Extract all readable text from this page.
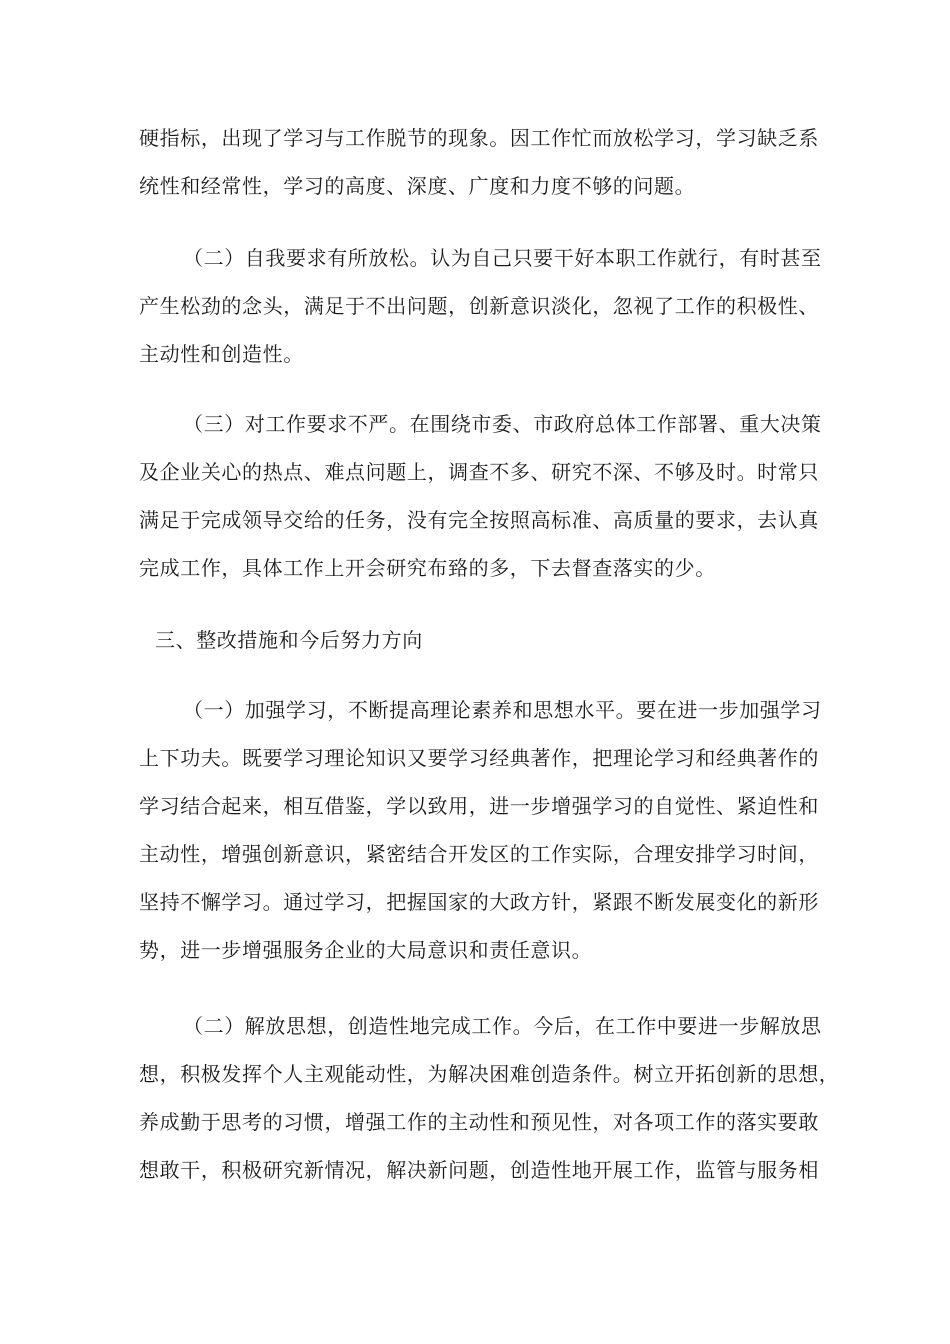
硬指标，出现了学习与工作脱节的现象。因工作忙而放松学习，学习缺乏系
统性和经常性，学习的高度、深度、广度和力度不够的问题。
（二）自我要求有所放松。认为自己只要干好本职工作就行，有时甚至
产生松劲的念头，满足于不出问题，创新意识淡化，忽视了工作的积极性、
主动性和创造性。
（三）对工作要求不严。在围绕市委、市政府总体工作部署、重大决策
及企业关心的热点、难点问题上，调查不多、研究不深、不够及时。时常只
满足于完成领导交给的任务，没有完全按照高标准、高质量的要求，去认真
完成工作，具体工作上开会研究布臵的多，下去督查落实的少。
三、整改措施和今后努力方向
（一）加强学习，不断提高理论素养和思想水平。要在进一步加强学习
上下功夫。既要学习理论知识又要学习经典著作，把理论学习和经典著作的
学习结合起来，相互借鉴，学以致用，进一步增强学习的自觉性、紧迫性和
主动性，增强创新意识，紧密结合开发区的工作实际，合理安排学习时间，
坚持不懈学习。通过学习，把握国家的大政方针，紧跟不断发展变化的新形
势，进一步增强服务企业的大局意识和责任意识。
（二）解放思想，创造性地完成工作。今后，在工作中要进一步解放思
想，积极发挥个人主观能动性，为解决困难创造条件。树立开拓创新的思想，
养成勤于思考的习惯，增强工作的主动性和预见性，对各项工作的落实要敢
想敢干，积极研究新情况，解决新问题，创造性地开展工作，监管与服务相
